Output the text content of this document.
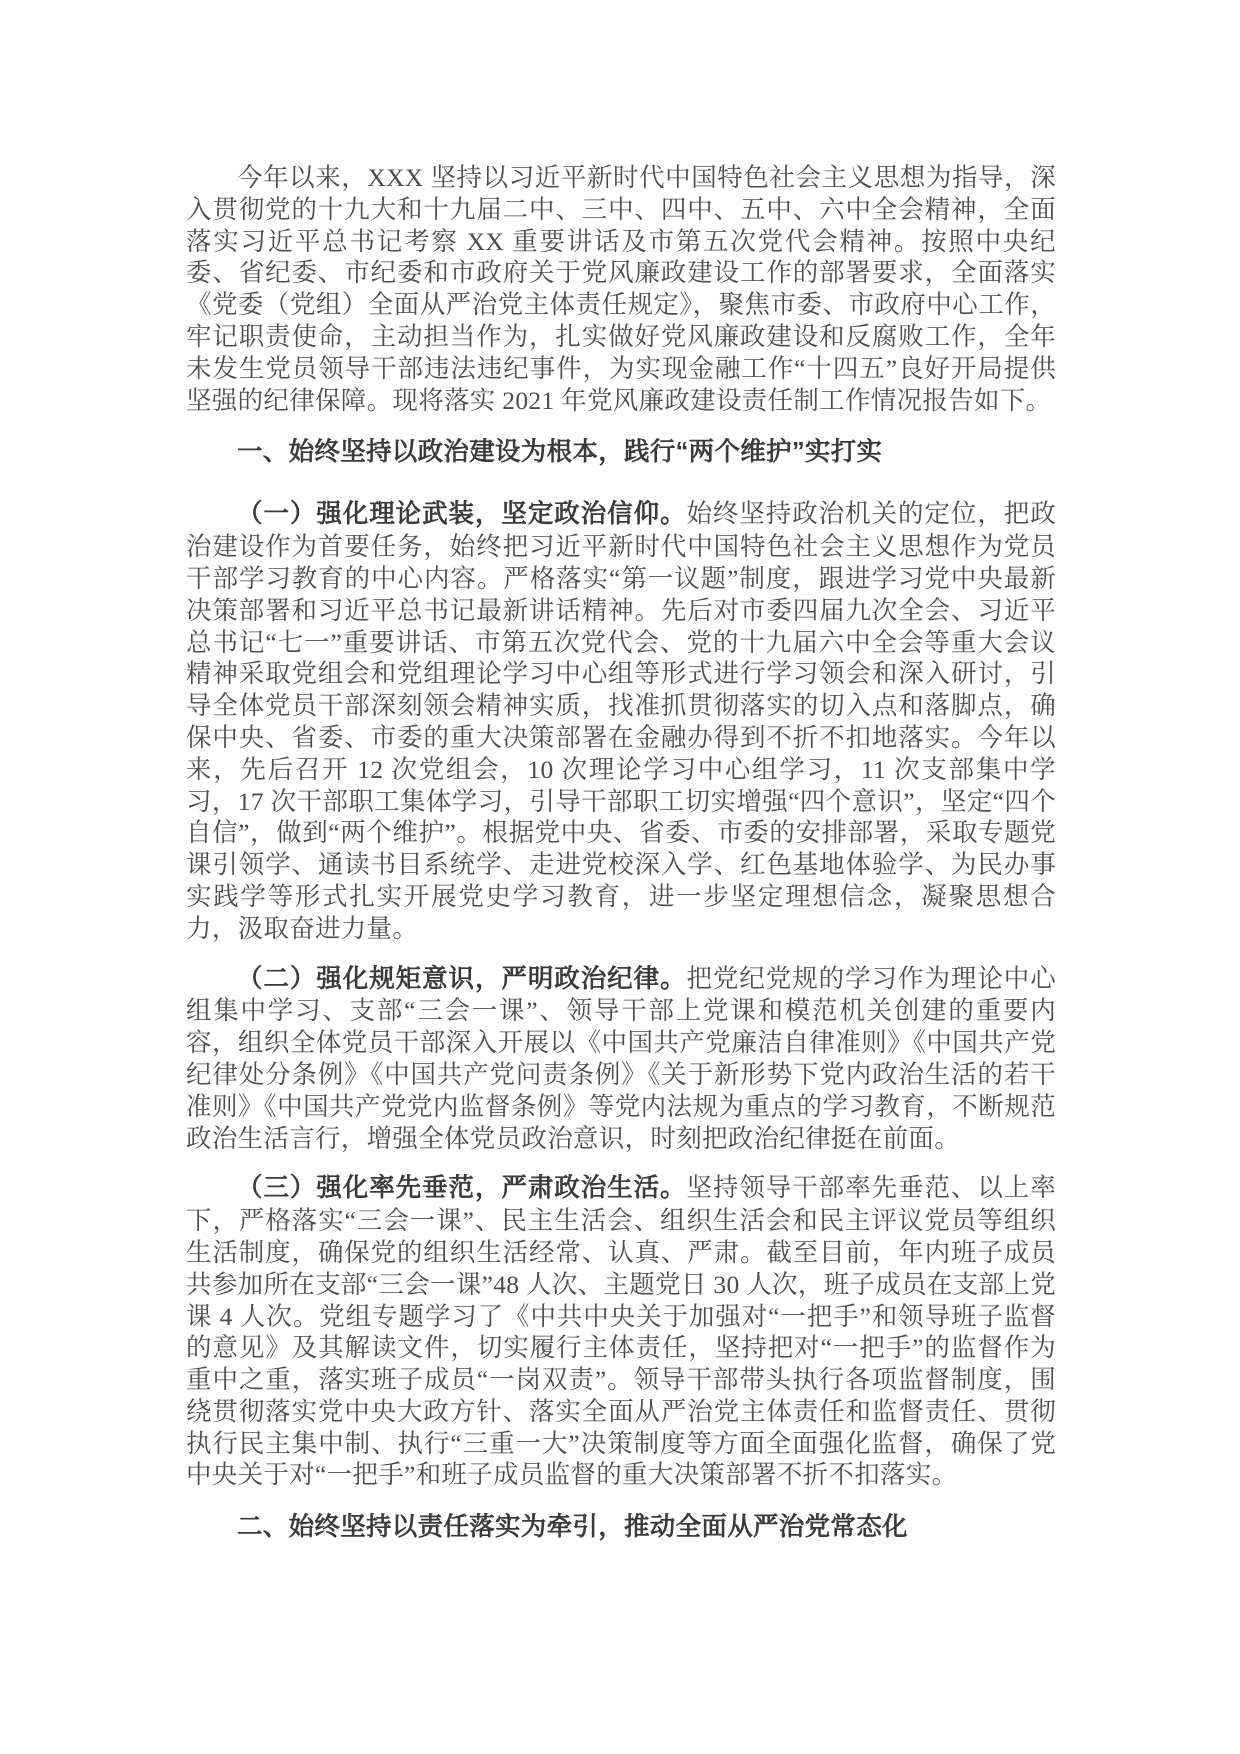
今年以来，XXX 坚持以习近平新时代中国特色社会主义思想为指导，深入贯彻党的十九大和十九届二中、三中、四中、五中、六中全会精神，全面落实习近平总书记考察 XX 重要讲话及市第五次党代会精神。按照中央纪委、省纪委、市纪委和市政府关于党风廉政建设工作的部署要求，全面落实《党委（党组）全面从严治党主体责任规定》，聚焦市委、市政府中心工作，牢记职责使命，主动担当作为，扎实做好党风廉政建设和反腐败工作，全年未发生党员领导干部违法违纪事件，为实现金融工作“十四五”良好开局提供坚强的纪律保障。现将落实 2021 年党风廉政建设责任制工作情况报告如下。

一、始终坚持以政治建设为根本，践行“两个维护”实打实

（一）强化理论武装，坚定政治信仰。始终坚持政治机关的定位，把政治建设作为首要任务，始终把习近平新时代中国特色社会主义思想作为党员干部学习教育的中心内容。严格落实“第一议题”制度，跟进学习党中央最新决策部署和习近平总书记最新讲话精神。先后对市委四届九次全会、习近平总书记“七一”重要讲话、市第五次党代会、党的十九届六中全会等重大会议精神采取党组会和党组理论学习中心组等形式进行学习领会和深入研讨，引导全体党员干部深刻领会精神实质，找准抓贯彻落实的切入点和落脚点，确保中央、省委、市委的重大决策部署在金融办得到不折不扣地落实。今年以来，先后召开 12 次党组会，10 次理论学习中心组学习，11 次支部集中学习，17 次干部职工集体学习，引导干部职工切实增强“四个意识”，坚定“四个自信”，做到“两个维护”。根据党中央、省委、市委的安排部署，采取专题党课引领学、通读书目系统学、走进党校深入学、红色基地体验学、为民办事实践学等形式扎实开展党史学习教育，进一步坚定理想信念，凝聚思想合力，汲取奋进力量。

（二）强化规矩意识，严明政治纪律。把党纪党规的学习作为理论中心组集中学习、支部“三会一课”、领导干部上党课和模范机关创建的重要内容，组织全体党员干部深入开展以《中国共产党廉洁自律准则》《中国共产党纪律处分条例》《中国共产党问责条例》《关于新形势下党内政治生活的若干准则》《中国共产党党内监督条例》等党内法规为重点的学习教育，不断规范政治生活言行，增强全体党员政治意识，时刻把政治纪律挺在前面。

（三）强化率先垂范，严肃政治生活。坚持领导干部率先垂范、以上率下，严格落实“三会一课”、民主生活会、组织生活会和民主评议党员等组织生活制度，确保党的组织生活经常、认真、严肃。截至目前，年内班子成员共参加所在支部“三会一课”48 人次、主题党日 30 人次，班子成员在支部上党课 4 人次。党组专题学习了《中共中央关于加强对“一把手”和领导班子监督的意见》及其解读文件，切实履行主体责任，坚持把对“一把手”的监督作为重中之重，落实班子成员“一岗双责”。领导干部带头执行各项监督制度，围绕贯彻落实党中央大政方针、落实全面从严治党主体责任和监督责任、贯彻执行民主集中制、执行“三重一大”决策制度等方面全面强化监督，确保了党中央关于对“一把手”和班子成员监督的重大决策部署不折不扣落实。

二、始终坚持以责任落实为牵引，推动全面从严治党常态化
